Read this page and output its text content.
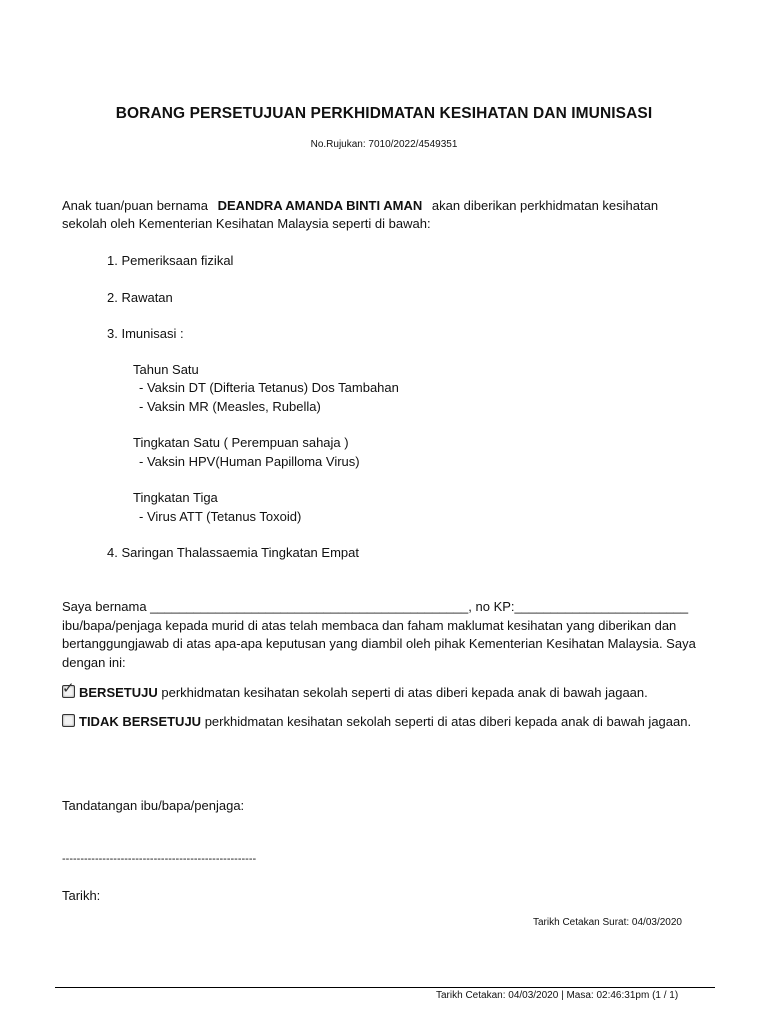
BORANG PERSETUJUAN PERKHIDMATAN KESIHATAN DAN IMUNISASI
No.Rujukan: 7010/2022/4549351
Anak tuan/puan bernama DEANDRA AMANDA BINTI AMAN akan diberikan perkhidmatan kesihatan
sekolah oleh Kementerian Kesihatan Malaysia seperti di bawah:
1. Pemeriksaan fizikal
2. Rawatan
3. Imunisasi :
Tahun Satu
- Vaksin DT (Difteria Tetanus) Dos Tambahan
- Vaksin MR (Measles, Rubella)
Tingkatan Satu ( Perempuan sahaja )
- Vaksin HPV(Human Papilloma Virus)
Tingkatan Tiga
- Virus ATT (Tetanus Toxoid)
4. Saringan Thalassaemia Tingkatan Empat
Saya bernama ____________________________________________, no KP:________________________
ibu/bapa/penjaga kepada murid di atas telah membaca dan faham maklumat kesihatan yang diberikan dan
bertanggungjawab di atas apa-apa keputusan yang diambil oleh pihak Kementerian Kesihatan Malaysia. Saya
dengan ini:
✓ BERSETUJU perkhidmatan kesihatan sekolah seperti di atas diberi kepada anak di bawah jagaan.
TIDAK BERSETUJU perkhidmatan kesihatan sekolah seperti di atas diberi kepada anak di bawah jagaan.
Tandatangan ibu/bapa/penjaga:
-----------------------------------------------------
Tarikh:
Tarikh Cetakan Surat: 04/03/2020
Tarikh Cetakan: 04/03/2020 | Masa: 02:46:31pm (1 / 1)
